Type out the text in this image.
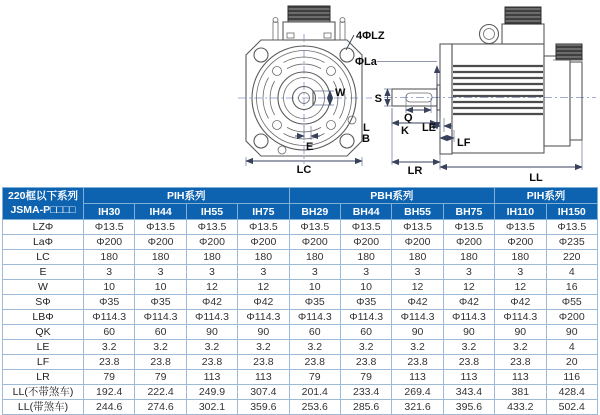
4ΦLZ
W
E
LC
S
Q
K
ΦLa
L
B
LE
LF
LR
LL
220框以下系列
JSMA-P□□□□	PIH系列				PBH系列				PIH系列	
	IH30	IH44	IH55	IH75	BH29	BH44	BH55	BH75	IH110	IH150
LZΦ	Φ13.5	Φ13.5	Φ13.5	Φ13.5	Φ13.5	Φ13.5	Φ13.5	Φ13.5	Φ13.5	Φ13.5
LaΦ	Φ200	Φ200	Φ200	Φ200	Φ200	Φ200	Φ200	Φ200	Φ200	Φ235
LC	180	180	180	180	180	180	180	180	180	220
E	3	3	3	3	3	3	3	3	3	4
W	10	10	12	12	10	10	12	12	12	16
SΦ	Φ35	Φ35	Φ42	Φ42	Φ35	Φ35	Φ42	Φ42	Φ42	Φ55
LBΦ	Φ114.3	Φ114.3	Φ114.3	Φ114.3	Φ114.3	Φ114.3	Φ114.3	Φ114.3	Φ114.3	Φ200
QK	60	60	90	90	60	60	90	90	90	90
LE	3.2	3.2	3.2	3.2	3.2	3.2	3.2	3.2	3.2	4
LF	23.8	23.8	23.8	23.8	23.8	23.8	23.8	23.8	23.8	20
LR	79	79	113	113	79	79	113	113	113	116
LL(不带煞车)	192.4	222.4	249.9	307.4	201.4	233.4	269.4	343.4	381	428.4
LL(带煞车)	244.6	274.6	302.1	359.6	253.6	285.6	321.6	395.6	433.2	502.4
